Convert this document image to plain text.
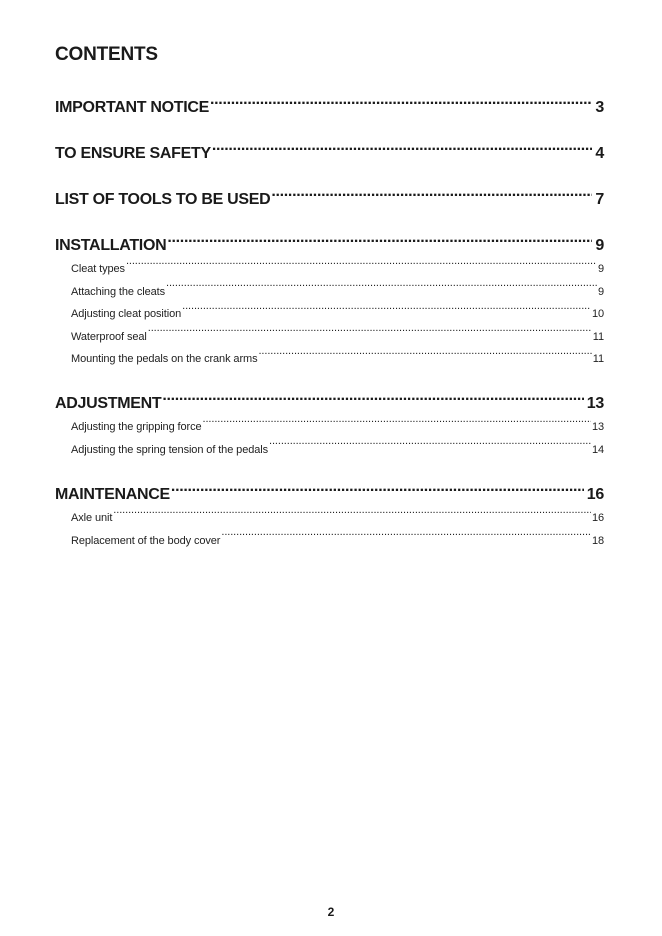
CONTENTS
IMPORTANT NOTICE .....	3
TO ENSURE SAFETY .....	4
LIST OF TOOLS TO BE USED .....	7
INSTALLATION .....	9
Cleat types .....	9
Attaching the cleats .....	9
Adjusting cleat position .....	10
Waterproof seal .....	11
Mounting the pedals on the crank arms .....	11
ADJUSTMENT .....	13
Adjusting the gripping force .....	13
Adjusting the spring tension of the pedals .....	14
MAINTENANCE .....	16
Axle unit .....	16
Replacement of the body cover .....	18
2
